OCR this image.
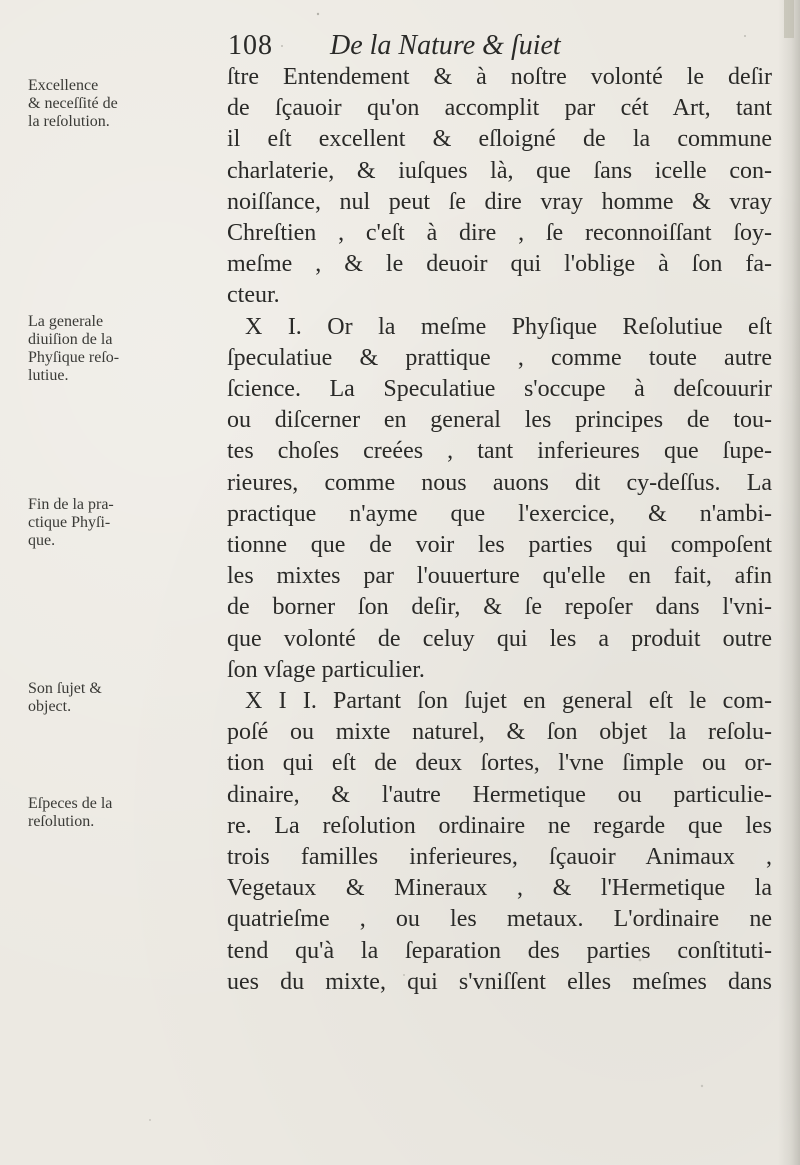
108 De la Nature & ſuiet
Excellence
& neceſſité de
la reſolution.
La generale
diuiſion de la
Phyſique reſo-
lutiue.
Fin de la pra-
ctique Phyſi-
que.
Son ſujet &
object.
Eſpeces de la
reſolution.
ſtre Entendement & à noſtre volonté le deſir
de ſçauoir qu'on accomplit par cét Art, tant
il eſt excellent & eſloigné de la commune
charlaterie, & iuſques là, que ſans icelle con-
noiſſance, nul peut ſe dire vray homme & vray
Chreſtien , c'eſt à dire , ſe reconnoiſſant ſoy-
meſme , & le deuoir qui l'oblige à ſon fa-
cteur.
X I. Or la meſme Phyſique Reſolutiue eſt
ſpeculatiue & prattique , comme toute autre
ſcience. La Speculatiue s'occupe à deſcouurir
ou diſcerner en general les principes de tou-
tes choſes creées , tant inferieures que ſupe-
rieures, comme nous auons dit cy-deſſus. La
practique n'ayme que l'exercice, & n'ambi-
tionne que de voir les parties qui compoſent
les mixtes par l'ouuerture qu'elle en fait, afin
de borner ſon deſir, & ſe repoſer dans l'vni-
que volonté de celuy qui les a produit outre
ſon vſage particulier.
X I I. Partant ſon ſujet en general eſt le com-
poſé ou mixte naturel, & ſon objet la reſolu-
tion qui eſt de deux ſortes, l'vne ſimple ou or-
dinaire, & l'autre Hermetique ou particulie-
re. La reſolution ordinaire ne regarde que les
trois familles inferieures, ſçauoir Animaux ,
Vegetaux & Mineraux , & l'Hermetique la
quatrieſme , ou les metaux. L'ordinaire ne
tend qu'à la ſeparation des parties conſtituti-
ues du mixte, qui s'vniſſent elles meſmes dans
